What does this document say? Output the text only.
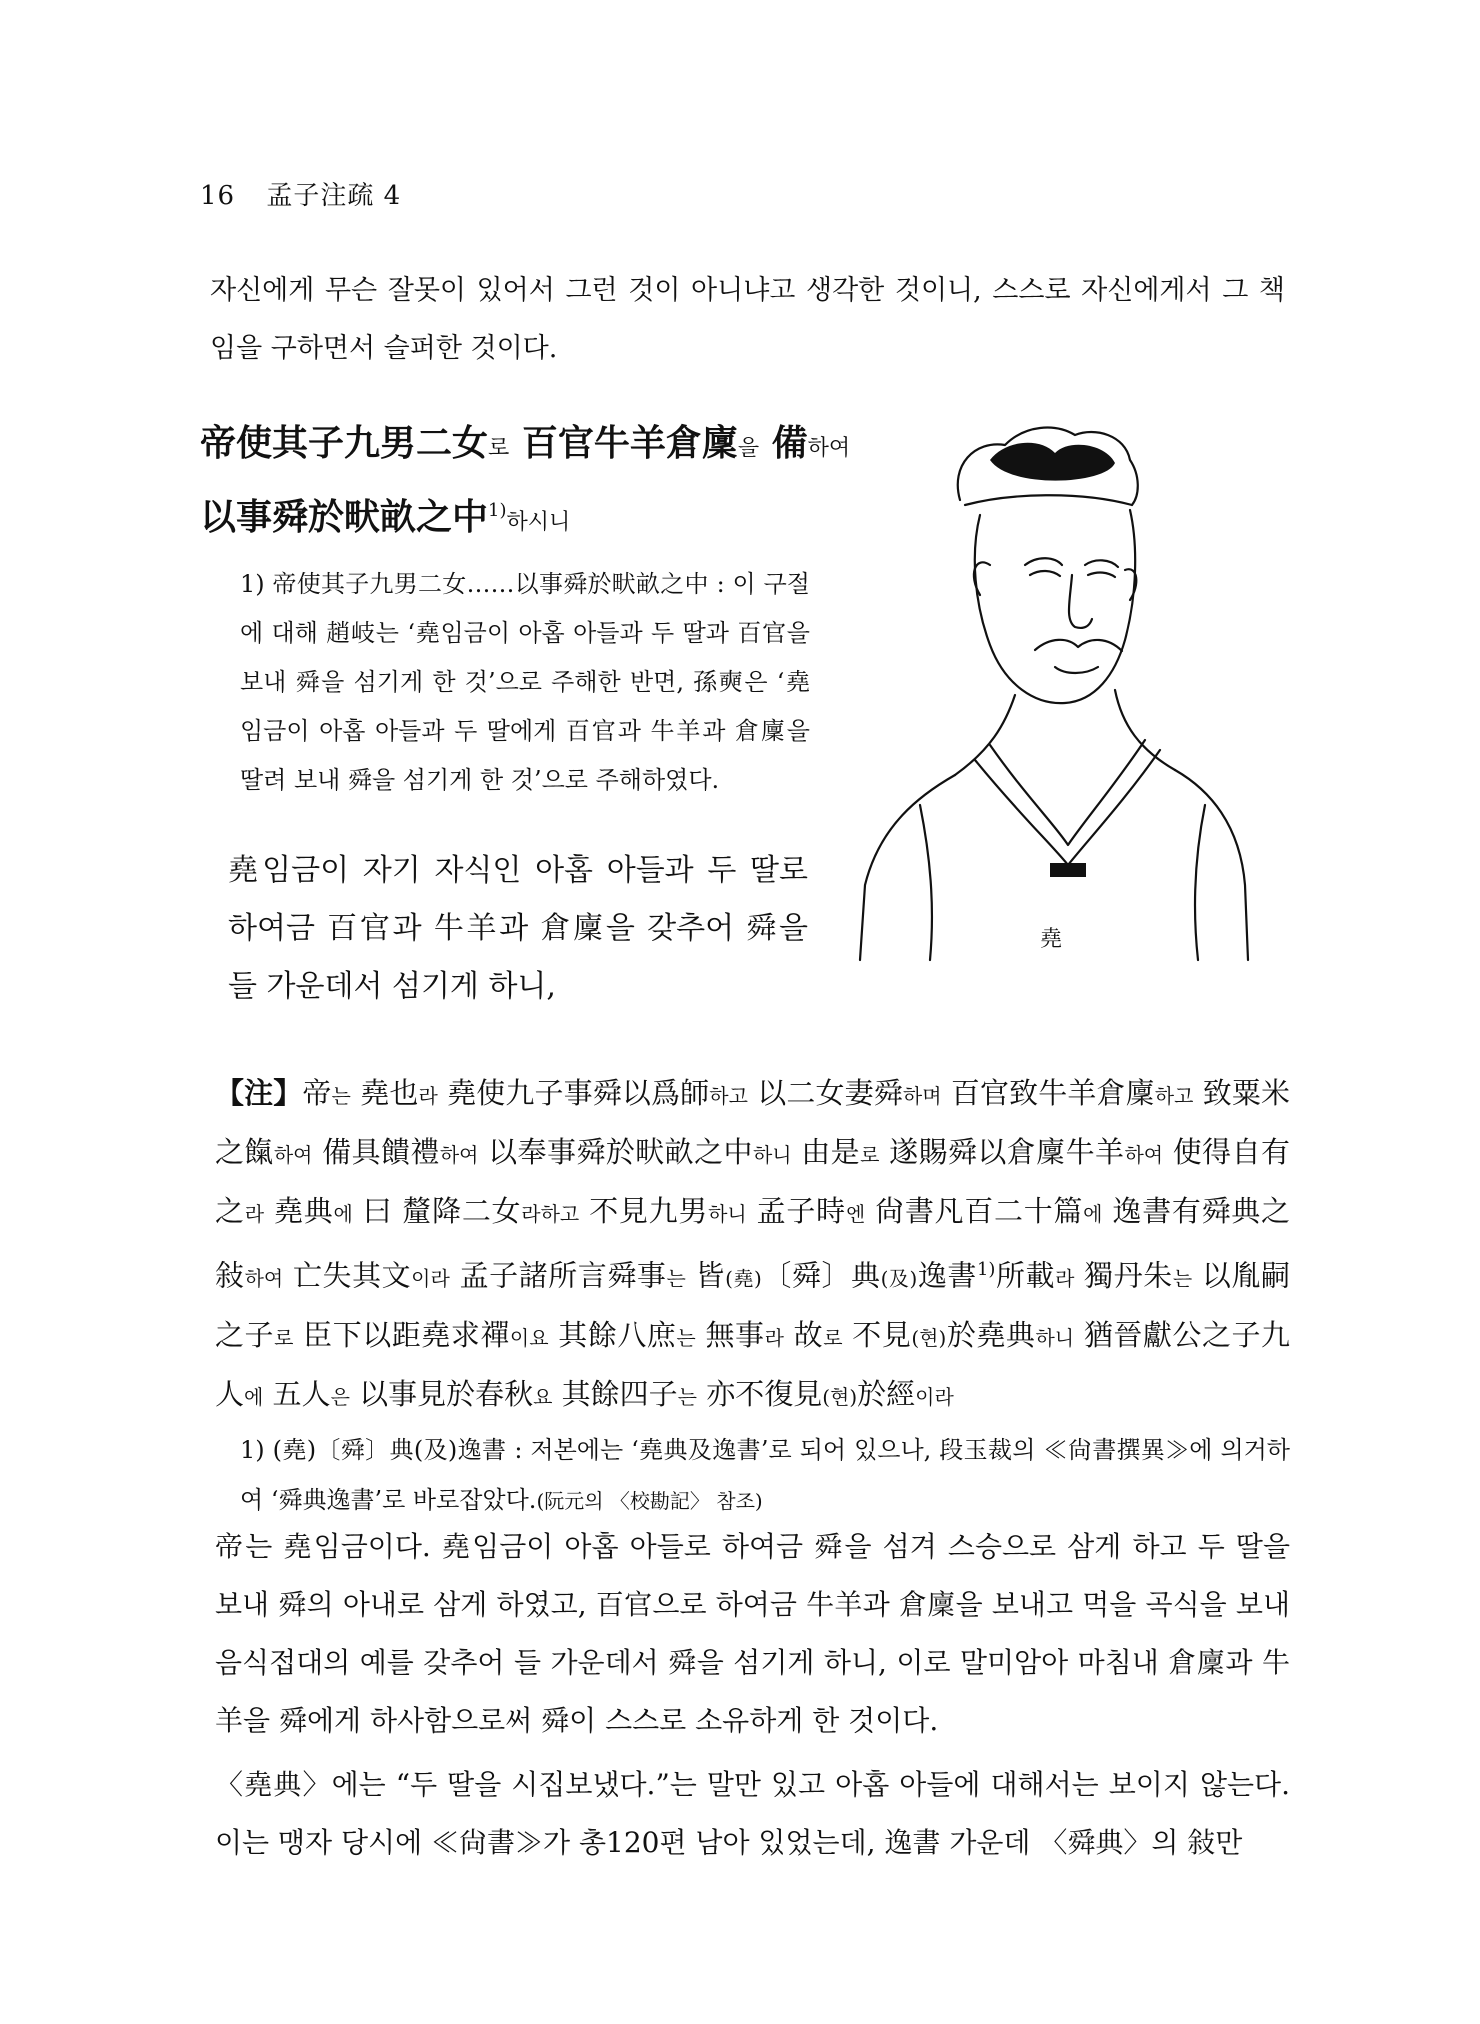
16 孟子注疏 4
자신에게 무슨 잘못이 있어서 그런 것이 아니냐고 생각한 것이니, 스스로 자신에게서 그 책임을 구하면서 슬퍼한 것이다.
帝使其子九男二女로 百官牛羊倉廩을 備하여
以事舜於畎畝之中$^{1)}$하시니
1) 帝使其子九男二女……以事舜於畎畝之中 : 이 구절에 대해 趙岐는 ‘堯임금이 아홉 아들과 두 딸과 百官을 보내 舜을 섬기게 한 것’으로 주해한 반면, 孫奭은 ‘堯임금이 아홉 아들과 두 딸에게 百官과 牛羊과 倉廩을 딸려 보내 舜을 섬기게 한 것’으로 주해하였다.
堯임금이 자기 자식인 아홉 아들과 두 딸로 하여금 百官과 牛羊과 倉廩을 갖추어 舜을 들 가운데서 섬기게 하니,
堯
【注】帝는 堯也라 堯使九子事舜以爲師하고 以二女妻舜하며 百官致牛羊倉廩하고 致粟米之餼하여 備具饋禮하여 以奉事舜於畎畝之中하니 由是로 遂賜舜以倉廩牛羊하여 使得自有之라 堯典에 曰 釐降二女라하고 不見九男하니 孟子時엔 尙書凡百二十篇에 逸書有舜典之敍하여 亡失其文이라 孟子諸所言舜事는 皆(堯)〔舜〕典(及)逸書$^{1)}$所載라 獨丹朱는 以胤嗣之子로 臣下以距堯求禪이요 其餘八庶는 無事라 故로 不見(현)於堯典하니 猶晉獻公之子九人에 五人은 以事見於春秋요 其餘四子는 亦不復見(현)於經이라
1) (堯)〔舜〕典(及)逸書 : 저본에는 ‘堯典及逸書’로 되어 있으나, 段玉裁의 ≪尙書撰異≫에 의거하여 ‘舜典逸書’로 바로잡았다.(阮元의 〈校勘記〉 참조)
帝는 堯임금이다. 堯임금이 아홉 아들로 하여금 舜을 섬겨 스승으로 삼게 하고 두 딸을 보내 舜의 아내로 삼게 하였고, 百官으로 하여금 牛羊과 倉廩을 보내고 먹을 곡식을 보내 음식접대의 예를 갖추어 들 가운데서 舜을 섬기게 하니, 이로 말미암아 마침내 倉廩과 牛羊을 舜에게 하사함으로써 舜이 스스로 소유하게 한 것이다.
〈堯典〉에는 “두 딸을 시집보냈다.”는 말만 있고 아홉 아들에 대해서는 보이지 않는다. 이는 맹자 당시에 ≪尙書≫가 총120편 남아 있었는데, 逸書 가운데 〈舜典〉의 敍만
